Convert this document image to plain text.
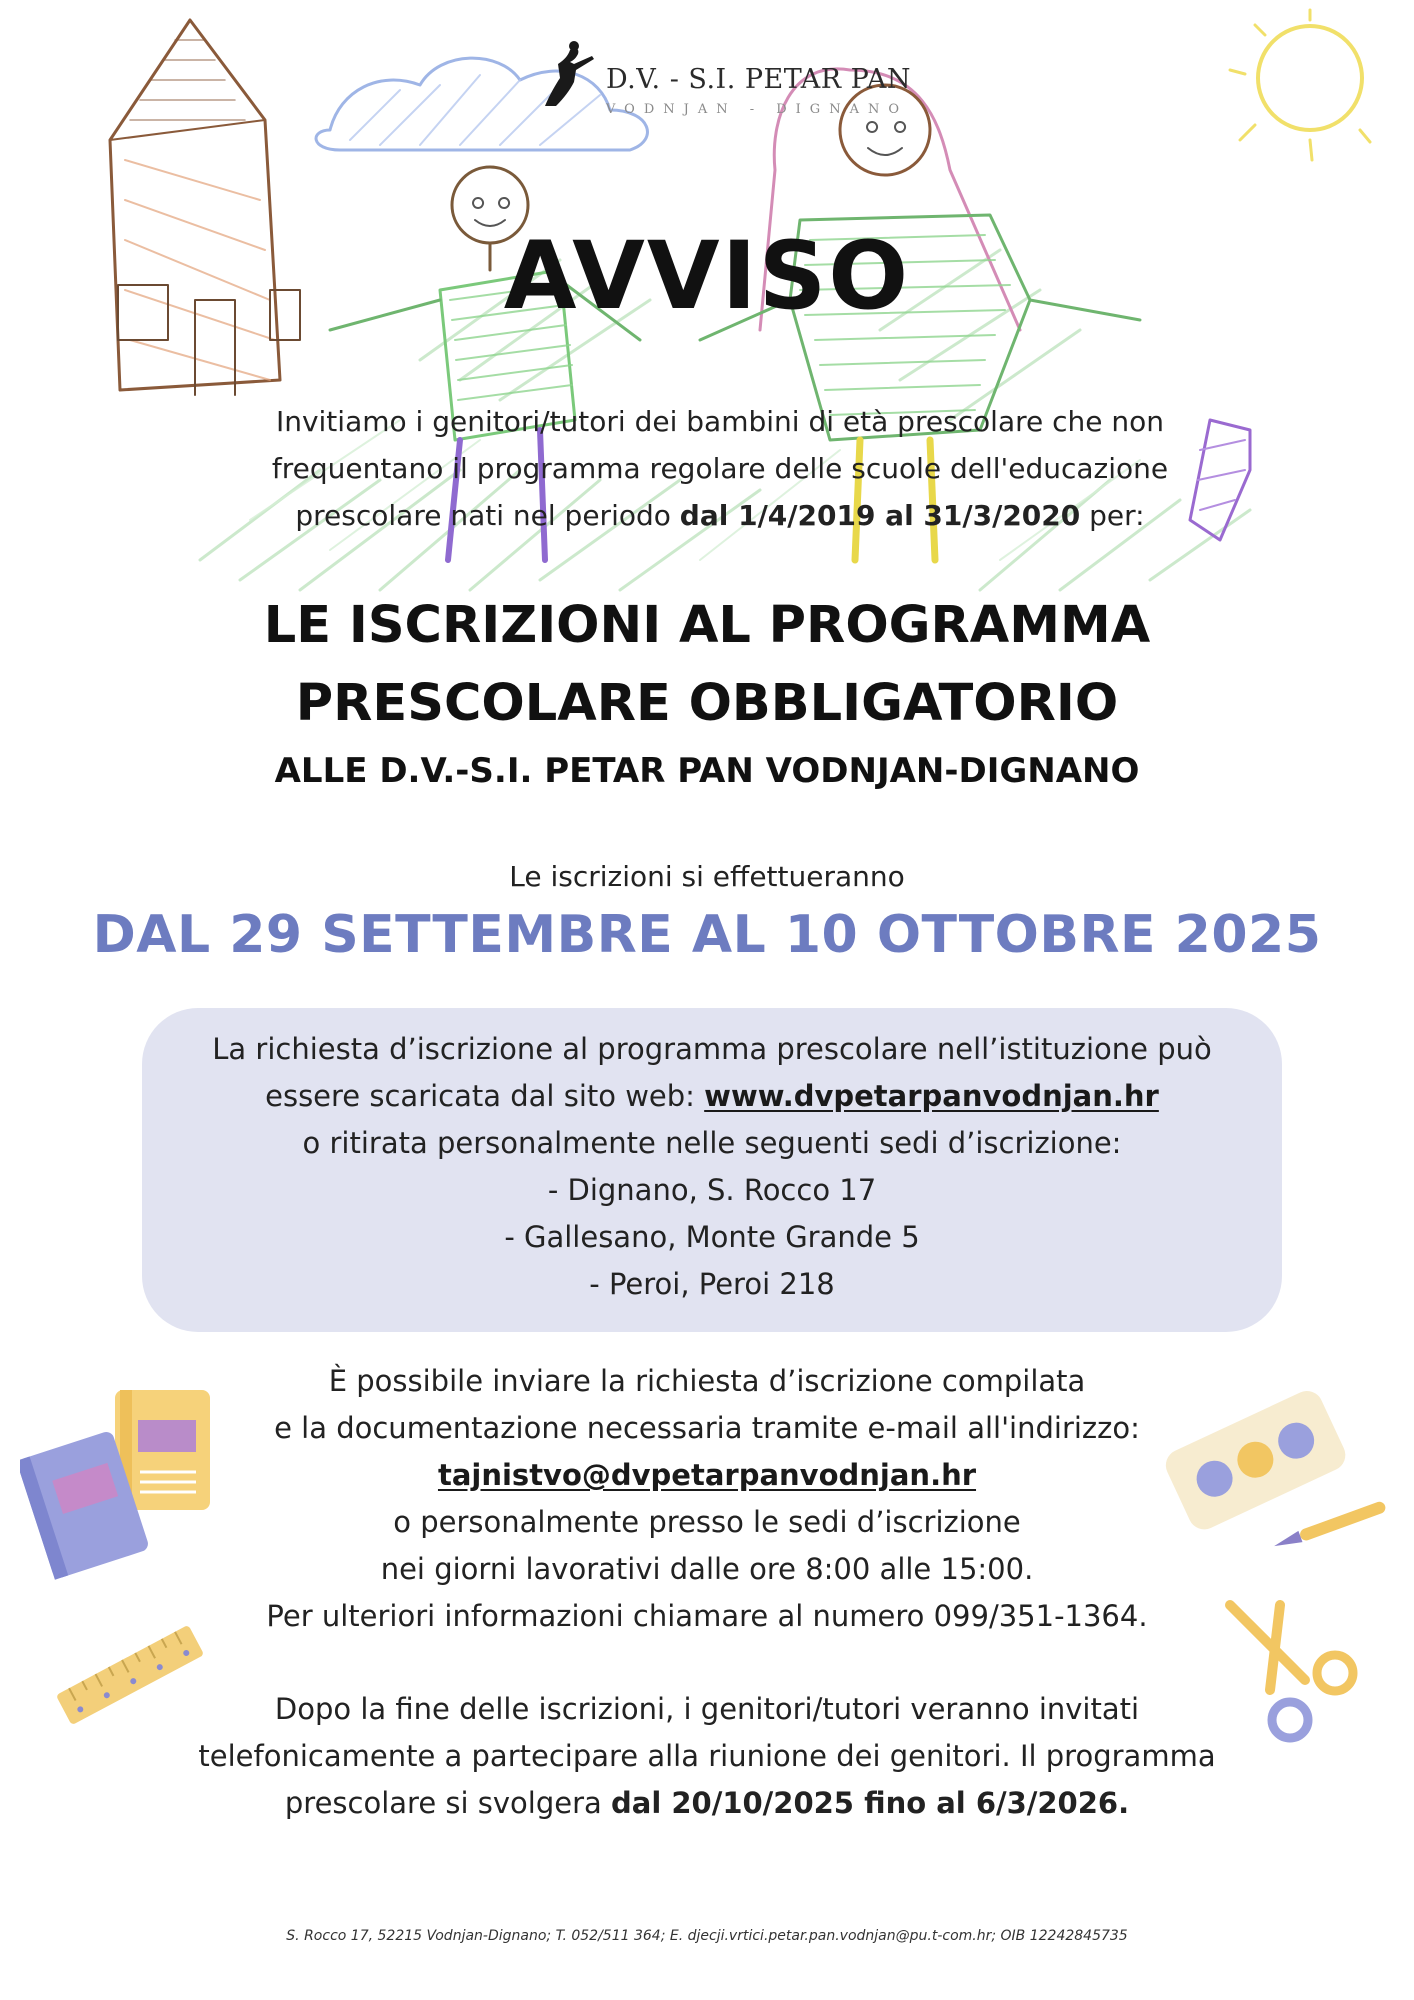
D.V. - S.I. PETAR PAN
VODNJAN - DIGNANO
AVVISO

Invitiamo i genitori/tutori dei bambini di età prescolare che non

frequentano il programma regolare delle scuole dell'educazione

prescolare nati nel periodo dal 1/4/2019 al 31/3/2020 per:

LE ISCRIZIONI AL PROGRAMMA
PRESCOLARE OBBLIGATORIO
ALLE D.V.-S.I. PETAR PAN VODNJAN-DIGNANO
Le iscrizioni si effettueranno
DAL 29 SETTEMBRE AL 10 OTTOBRE 2025

La richiesta d’iscrizione al programma prescolare nell’istituzione può

essere scaricata dal sito web: www.dvpetarpanvodnjan.hr

o ritirata personalmente nelle seguenti sedi d’iscrizione:

- Dignano, S. Rocco 17

- Gallesano, Monte Grande 5

- Peroi, Peroi 218

È possibile inviare la richiesta d’iscrizione compilata

e la documentazione necessaria tramite e-mail all'indirizzo:

tajnistvo@dvpetarpanvodnjan.hr

o personalmente presso le sedi d’iscrizione

nei giorni lavorativi dalle ore 8:00 alle 15:00.

Per ulteriori informazioni chiamare al numero 099/351-1364.

Dopo la fine delle iscrizioni, i genitori/tutori veranno invitati

telefonicamente a partecipare alla riunione dei genitori. Il programma

prescolare si svolgera dal 20/10/2025 fino al 6/3/2026.

S. Rocco 17, 52215 Vodnjan-Dignano; T. 052/511 364; E. djecji.vrtici.petar.pan.vodnjan@pu.t-com.hr; OIB 12242845735
